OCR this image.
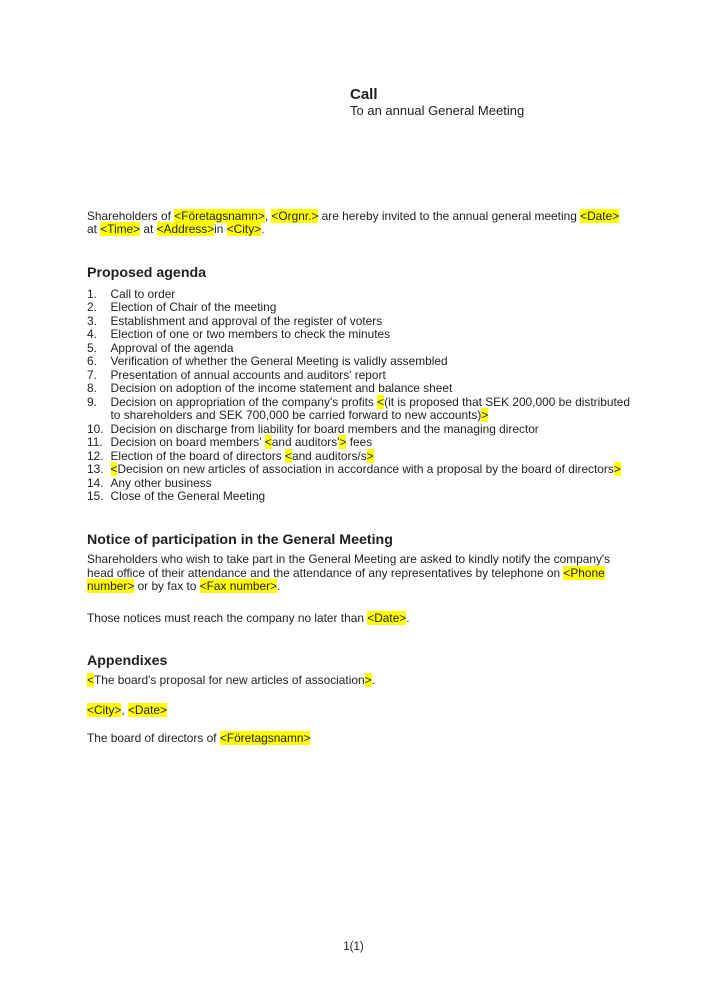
Call
To an annual General Meeting

Shareholders of <Företagsnamn>, <Orgnr.> are hereby invited to the annual general meeting <Date> at <Time> at <Address>in <City>.

Proposed agenda
1.	Call to order
2.	Election of Chair of the meeting
3.	Establishment and approval of the register of voters
4.	Election of one or two members to check the minutes
5.	Approval of the agenda
6.	Verification of whether the General Meeting is validly assembled
7.	Presentation of annual accounts and auditors' report
8.	Decision on adoption of the income statement and balance sheet
9.	Decision on appropriation of the company's profits <(it is proposed that SEK 200,000 be distributed to shareholders and SEK 700,000 be carried forward to new accounts)>
10. Decision on discharge from liability for board members and the managing director
11. Decision on board members' <and auditors'> fees
12. Election of the board of directors <and auditors/s>
13. <Decision on new articles of association in accordance with a proposal by the board of directors>
14. Any other business
15. Close of the General Meeting
Notice of participation in the General Meeting

Shareholders who wish to take part in the General Meeting are asked to kindly notify the company's head office of their attendance and the attendance of any representatives by telephone on <Phone number> or by fax to <Fax number>.

Those notices must reach the company no later than <Date>.

Appendixes

<The board's proposal for new articles of association>.

<City>, <Date>

The board of directors of <Företagsnamn>

1(1)
